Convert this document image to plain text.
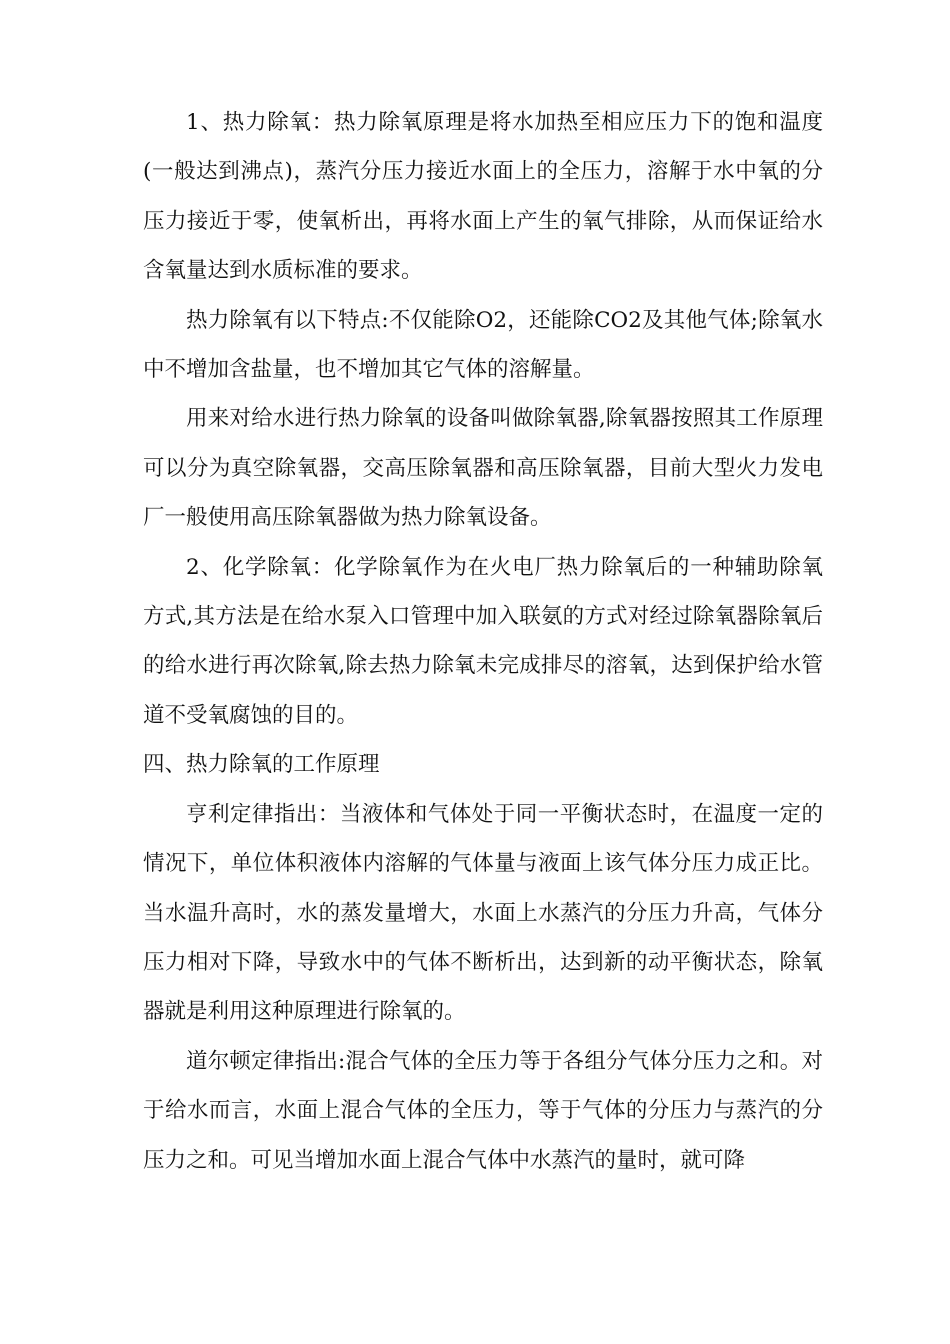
1、热力除氧：热力除氧原理是将水加热至相应压力下的饱和温度(一般达到沸点)，蒸汽分压力接近水面上的全压力，溶解于水中氧的分压力接近于零，使氧析出，再将水面上产生的氧气排除，从而保证给水含氧量达到水质标准的要求。

热力除氧有以下特点:不仅能除O2，还能除CO2及其他气体;除氧水中不增加含盐量，也不增加其它气体的溶解量。

用来对给水进行热力除氧的设备叫做除氧器,除氧器按照其工作原理可以分为真空除氧器，交高压除氧器和高压除氧器，目前大型火力发电厂一般使用高压除氧器做为热力除氧设备。

2、化学除氧：化学除氧作为在火电厂热力除氧后的一种辅助除氧方式,其方法是在给水泵入口管理中加入联氨的方式对经过除氧器除氧后的给水进行再次除氧,除去热力除氧未完成排尽的溶氧，达到保护给水管道不受氧腐蚀的目的。

四、热力除氧的工作原理

亨利定律指出：当液体和气体处于同一平衡状态时，在温度一定的情况下，单位体积液体内溶解的气体量与液面上该气体分压力成正比。当水温升高时，水的蒸发量增大，水面上水蒸汽的分压力升高，气体分压力相对下降，导致水中的气体不断析出，达到新的动平衡状态，除氧器就是利用这种原理进行除氧的。

道尔顿定律指出:混合气体的全压力等于各组分气体分压力之和。对于给水而言，水面上混合气体的全压力，等于气体的分压力与蒸汽的分压力之和。可见当增加水面上混合气体中水蒸汽的量时，就可降
